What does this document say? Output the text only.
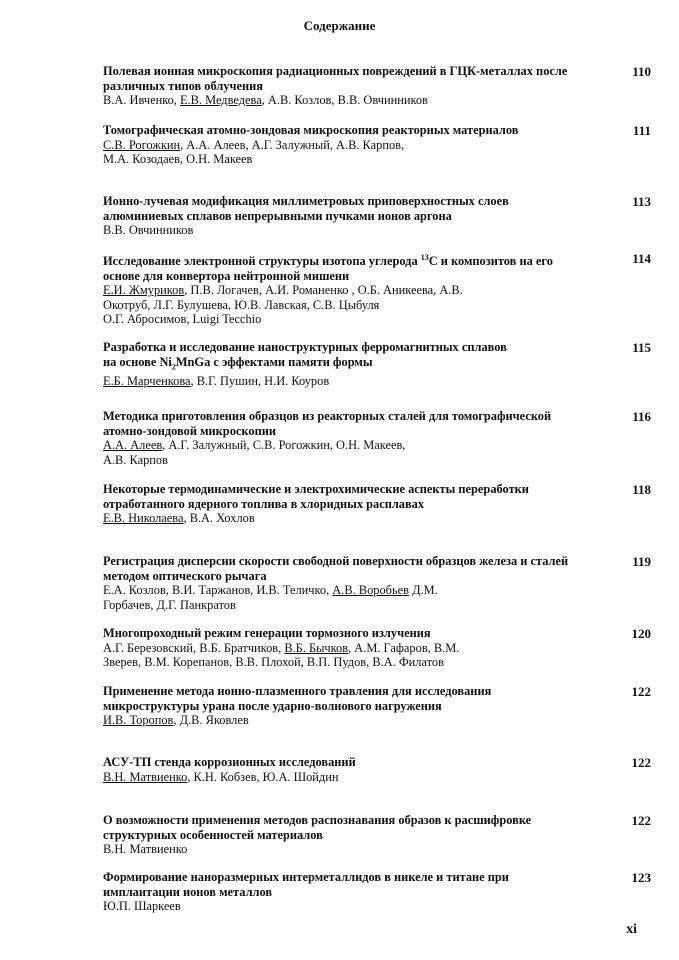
Содержание
Полевая ионная микроскопия радиационных повреждений в ГЦК-металлах после различных типов облучения
В.А. Ивченко, Е.В. Медведева, А.В. Козлов, В.В. Овчинников
110
Томографическая атомно-зондовая микроскопия реакторных материалов
С.В. Рогожкин, А.А. Алеев, А.Г. Залужный, А.В. Карпов,
М.А. Козодаев, О.Н. Макеев
111
Ионно-лучевая модификация миллиметровых приповерхностных слоев алюминиевых сплавов непрерывными пучками ионов аргона
В.В. Овчинников
113
Исследование электронной структуры изотопа углерода $^{13}$С и композитов на его основе для конвертора нейтронной мишени
Е.И. Жмуриков, П.В. Логачев, А.И. Романенко , О.Б. Аникеева, А.В.
Окотруб, Л.Г. Булушева, Ю.В. Лавская, С.В. Цыбуля
О.Г. Абросимов, Luigi Tecchio
114
Разработка и исследование наноструктурных ферромагнитных сплавов
на основе $Ni_2MnGa$ с эффектами памяти формы
Е.Б. Марченкова, В.Г. Пушин, Н.И. Коуров
115
Методика приготовления образцов из реакторных сталей для томографической атомно-зондовой микроскопии
А.А. Алеев, А.Г. Залужный, С.В. Рогожкин, О.Н. Макеев,
А.В. Карпов
116
Некоторые термодинамические и электрохимические аспекты переработки отработанного ядерного топлива в хлоридных расплавах
Е.В. Николаева, В.А. Хохлов
118
Регистрация дисперсии скорости свободной поверхности образцов железа и сталей методом оптического рычага
Е.А. Козлов, В.И. Таржанов, И.В. Теличко, А.В. Воробьев Д.М.
Горбачев, Д.Г. Панкратов
119
Многопроходный режим генерации тормозного излучения
А.Г. Березовский, В.Б. Братчиков, В.Б. Бычков, А.М. Гафаров, В.М.
Зверев, В.М. Корепанов, В.В. Плохой, В.П. Пудов, В.А. Филатов
120
Применение метода ионно-плазменного травления для исследования микроструктуры урана после ударно-волнового нагружения
И.В. Торопов, Д.В. Яковлев
122
АСУ-ТП стенда коррозионных исследований
В.Н. Матвиенко, К.Н. Кобзев, Ю.А. Шойдин
122
О возможности применения методов распознавания образов к расшифровке структурных особенностей материалов
В.Н. Матвиенко
122
Формирование наноразмерных интерметаллидов в никеле и титане при имплантации ионов металлов
Ю.П. Шаркеев
123
xi
